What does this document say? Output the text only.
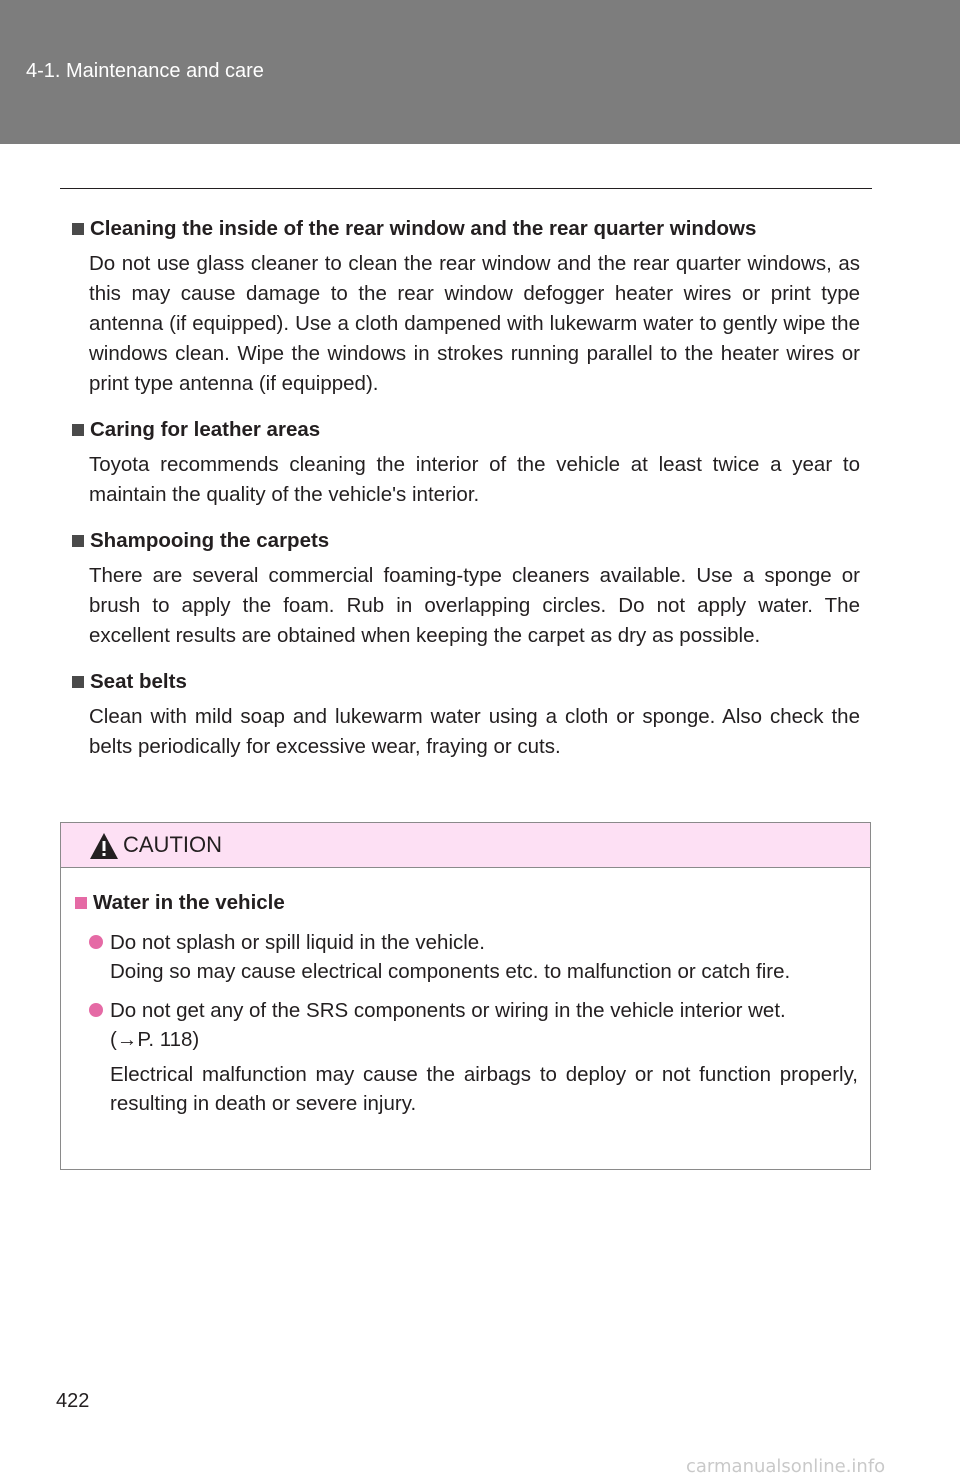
4-1. Maintenance and care
Cleaning the inside of the rear window and the rear quarter windows
Do not use glass cleaner to clean the rear window and the rear quarter windows, as this may cause damage to the rear window defogger heater wires or print type antenna (if equipped). Use a cloth dampened with lukewarm water to gently wipe the windows clean. Wipe the windows in strokes running parallel to the heater wires or print type antenna (if equipped).
Caring for leather areas
Toyota recommends cleaning the interior of the vehicle at least twice a year to maintain the quality of the vehicle's interior.
Shampooing the carpets
There are several commercial foaming-type cleaners available. Use a sponge or brush to apply the foam. Rub in overlapping circles. Do not apply water. The excellent results are obtained when keeping the carpet as dry as possible.
Seat belts
Clean with mild soap and lukewarm water using a cloth or sponge. Also check the belts periodically for excessive wear, fraying or cuts.
CAUTION
Water in the vehicle
Do not splash or spill liquid in the vehicle.
Doing so may cause electrical components etc. to malfunction or catch fire.
Do not get any of the SRS components or wiring in the vehicle interior wet.
(→P. 118)
Electrical malfunction may cause the airbags to deploy or not function properly, resulting in death or severe injury.
422
carmanualsonline.info
